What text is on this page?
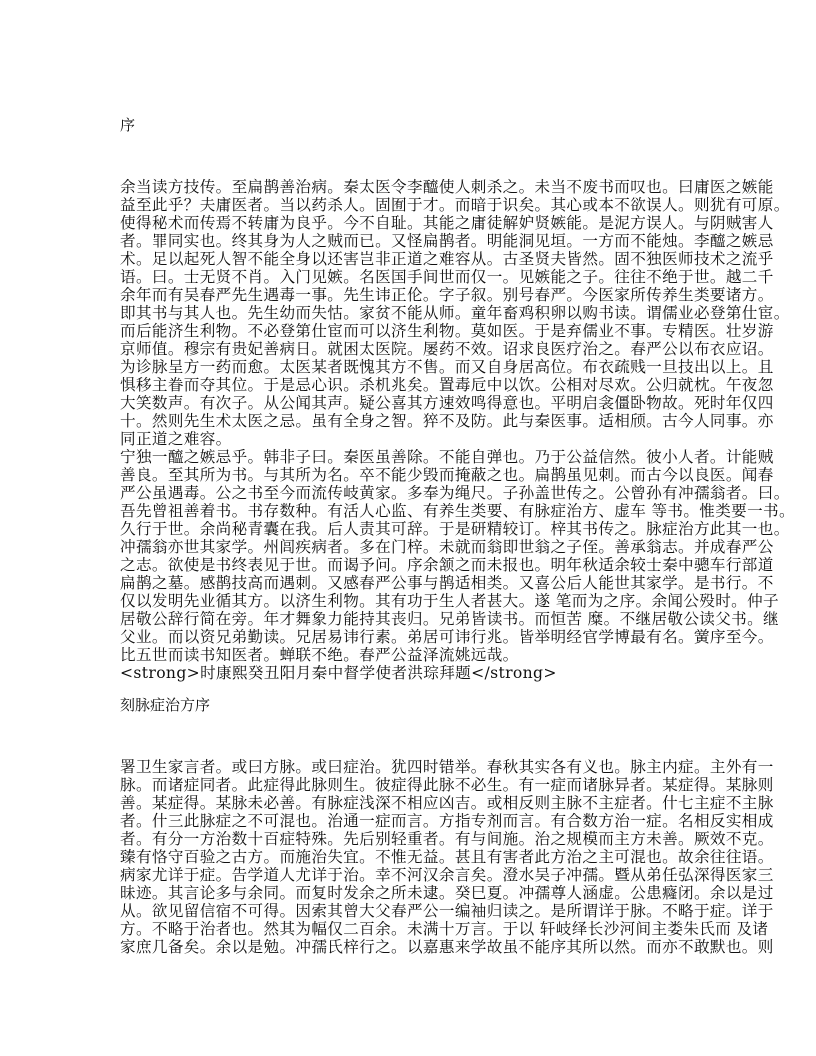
序
余当读方技传。至扁鹊善治病。秦太医令李醯使人刺杀之。未当不废书而叹也。曰庸医之嫉能
益至此乎？夫庸医者。当以药杀人。固囿于才。而暗于识矣。其心或本不欲误人。则犹有可原。
使得秘术而传焉不转庸为良乎。今不自耻。其能之庸徒解妒贤嫉能。是泥方误人。与阴贼害人
者。罪同实也。终其身为人之贼而已。又怪扁鹊者。明能洞见垣。一方而不能烛。李醯之嫉忌
术。足以起死人智不能全身以还害岂非正道之难容从。古圣贤夫皆然。固不独医师技术之流乎
语。曰。士无贤不肖。入门见嫉。名医国手间世而仅一。见嫉能之子。往往不绝于世。越二千
余年而有吴春严先生遇毒一事。先生讳正伦。字子叙。别号春严。今医家所传养生类要诸方。
即其书与其人也。先生幼而失怙。家贫不能从师。童年畜鸡积卵以购书读。谓儒业必登第仕宦。
而后能济生利物。不必登第仕宦而可以济生利物。莫如医。于是弃儒业不事。专精医。壮岁游
京师值。穆宗有贵妃善病日。就困太医院。屡药不效。诏求良医疗治之。春严公以布衣应诏。
为诊脉呈方一药而愈。太医某者既愧其方不售。而又自身居高位。布衣疏贱一旦技出以上。且
惧移主眷而夺其位。于是忌心识。杀机兆矣。置毒卮中以饮。公相对尽欢。公归就枕。午夜忽
大笑数声。有次子。从公闻其声。疑公喜其方速效鸣得意也。平明启衾僵卧物故。死时年仅四
十。然则先生术太医之忌。虽有全身之智。猝不及防。此与秦医事。适相颀。古今人同事。亦
同正道之难容。
宁独一醯之嫉忌乎。韩非子曰。秦医虽善除。不能自弹也。乃于公益信然。彼小人者。计能贼
善良。至其所为书。与其所为名。卒不能少毁而掩蔽之也。扁鹊虽见刺。而古今以良医。闻春
严公虽遇毒。公之书至今而流传岐黄家。多奉为绳尺。子孙盖世传之。公曾孙有冲孺翁者。曰。
吾先曾祖善着书。书存数种。有活人心监、有养生类要、有脉症治方、虚车 等书。惟类要一书。
久行于世。余尚秘青囊在我。后人责其可辞。于是研精较订。梓其书传之。脉症治方此其一也。
冲孺翁亦世其家学。州闾疾病者。多在门梓。未就而翁即世翁之子侄。善承翁志。并成春严公
之志。欲使是书终表见于世。而谒予问。序余颔之而未报也。明年秋适余较士秦中骢车行部道
扁鹊之墓。感鹊技高而遇刺。又感春严公事与鹊适相类。又喜公后人能世其家学。是书行。不
仅以发明先业循其方。以济生利物。其有功于生人者甚大。遂 笔而为之序。余闻公殁时。仲子
居敬公辞行简在旁。年才舞象力能持其丧归。兄弟皆读书。而恒苦 糜。不继居敬公读父书。继
父业。而以资兄弟勤读。兄居易讳行素。弟居可讳行兆。皆举明经官学博最有名。黉序至今。
比五世而读书知医者。蝉联不绝。春严公益泽流姚远哉。
<strong>时康熙癸丑阳月秦中督学使者洪琮拜题</strong>
刻脉症治方序
署卫生家言者。或曰方脉。或曰症治。犹四时错举。春秋其实各有义也。脉主内症。主外有一
脉。而诸症同者。此症得此脉则生。彼症得此脉不必生。有一症而诸脉异者。某症得。某脉则
善。某症得。某脉未必善。有脉症浅深不相应凶吉。或相反则主脉不主症者。什七主症不主脉
者。什三此脉症之不可混也。治通一症而言。方指专剂而言。有合数方治一症。名相反实相成
者。有分一方治数十百症特殊。先后别轻重者。有与间施。治之规模而主方未善。厥效不克。
臻有恪守百验之古方。而施治失宜。不惟无益。甚且有害者此方治之主可混也。故余往往语。
病家尤详于症。告学道人尤详于治。幸不河汉余言矣。澄水吴子冲孺。暨从弟任弘深得医家三
昧迹。其言论多与余同。而复时发余之所未逮。癸巳夏。冲孺尊人涵虚。公患癃闭。余以是过
从。欲见留信宿不可得。因索其曾大父春严公一编袖归读之。是所谓详于脉。不略于症。详于
方。不略于治者也。然其为幅仅二百余。未满十万言。于以 轩岐绎长沙河间主娄朱氏而 及诸
家庶几备矣。余以是勉。冲孺氏梓行之。以嘉惠来学故虽不能序其所以然。而亦不敢默也。则
